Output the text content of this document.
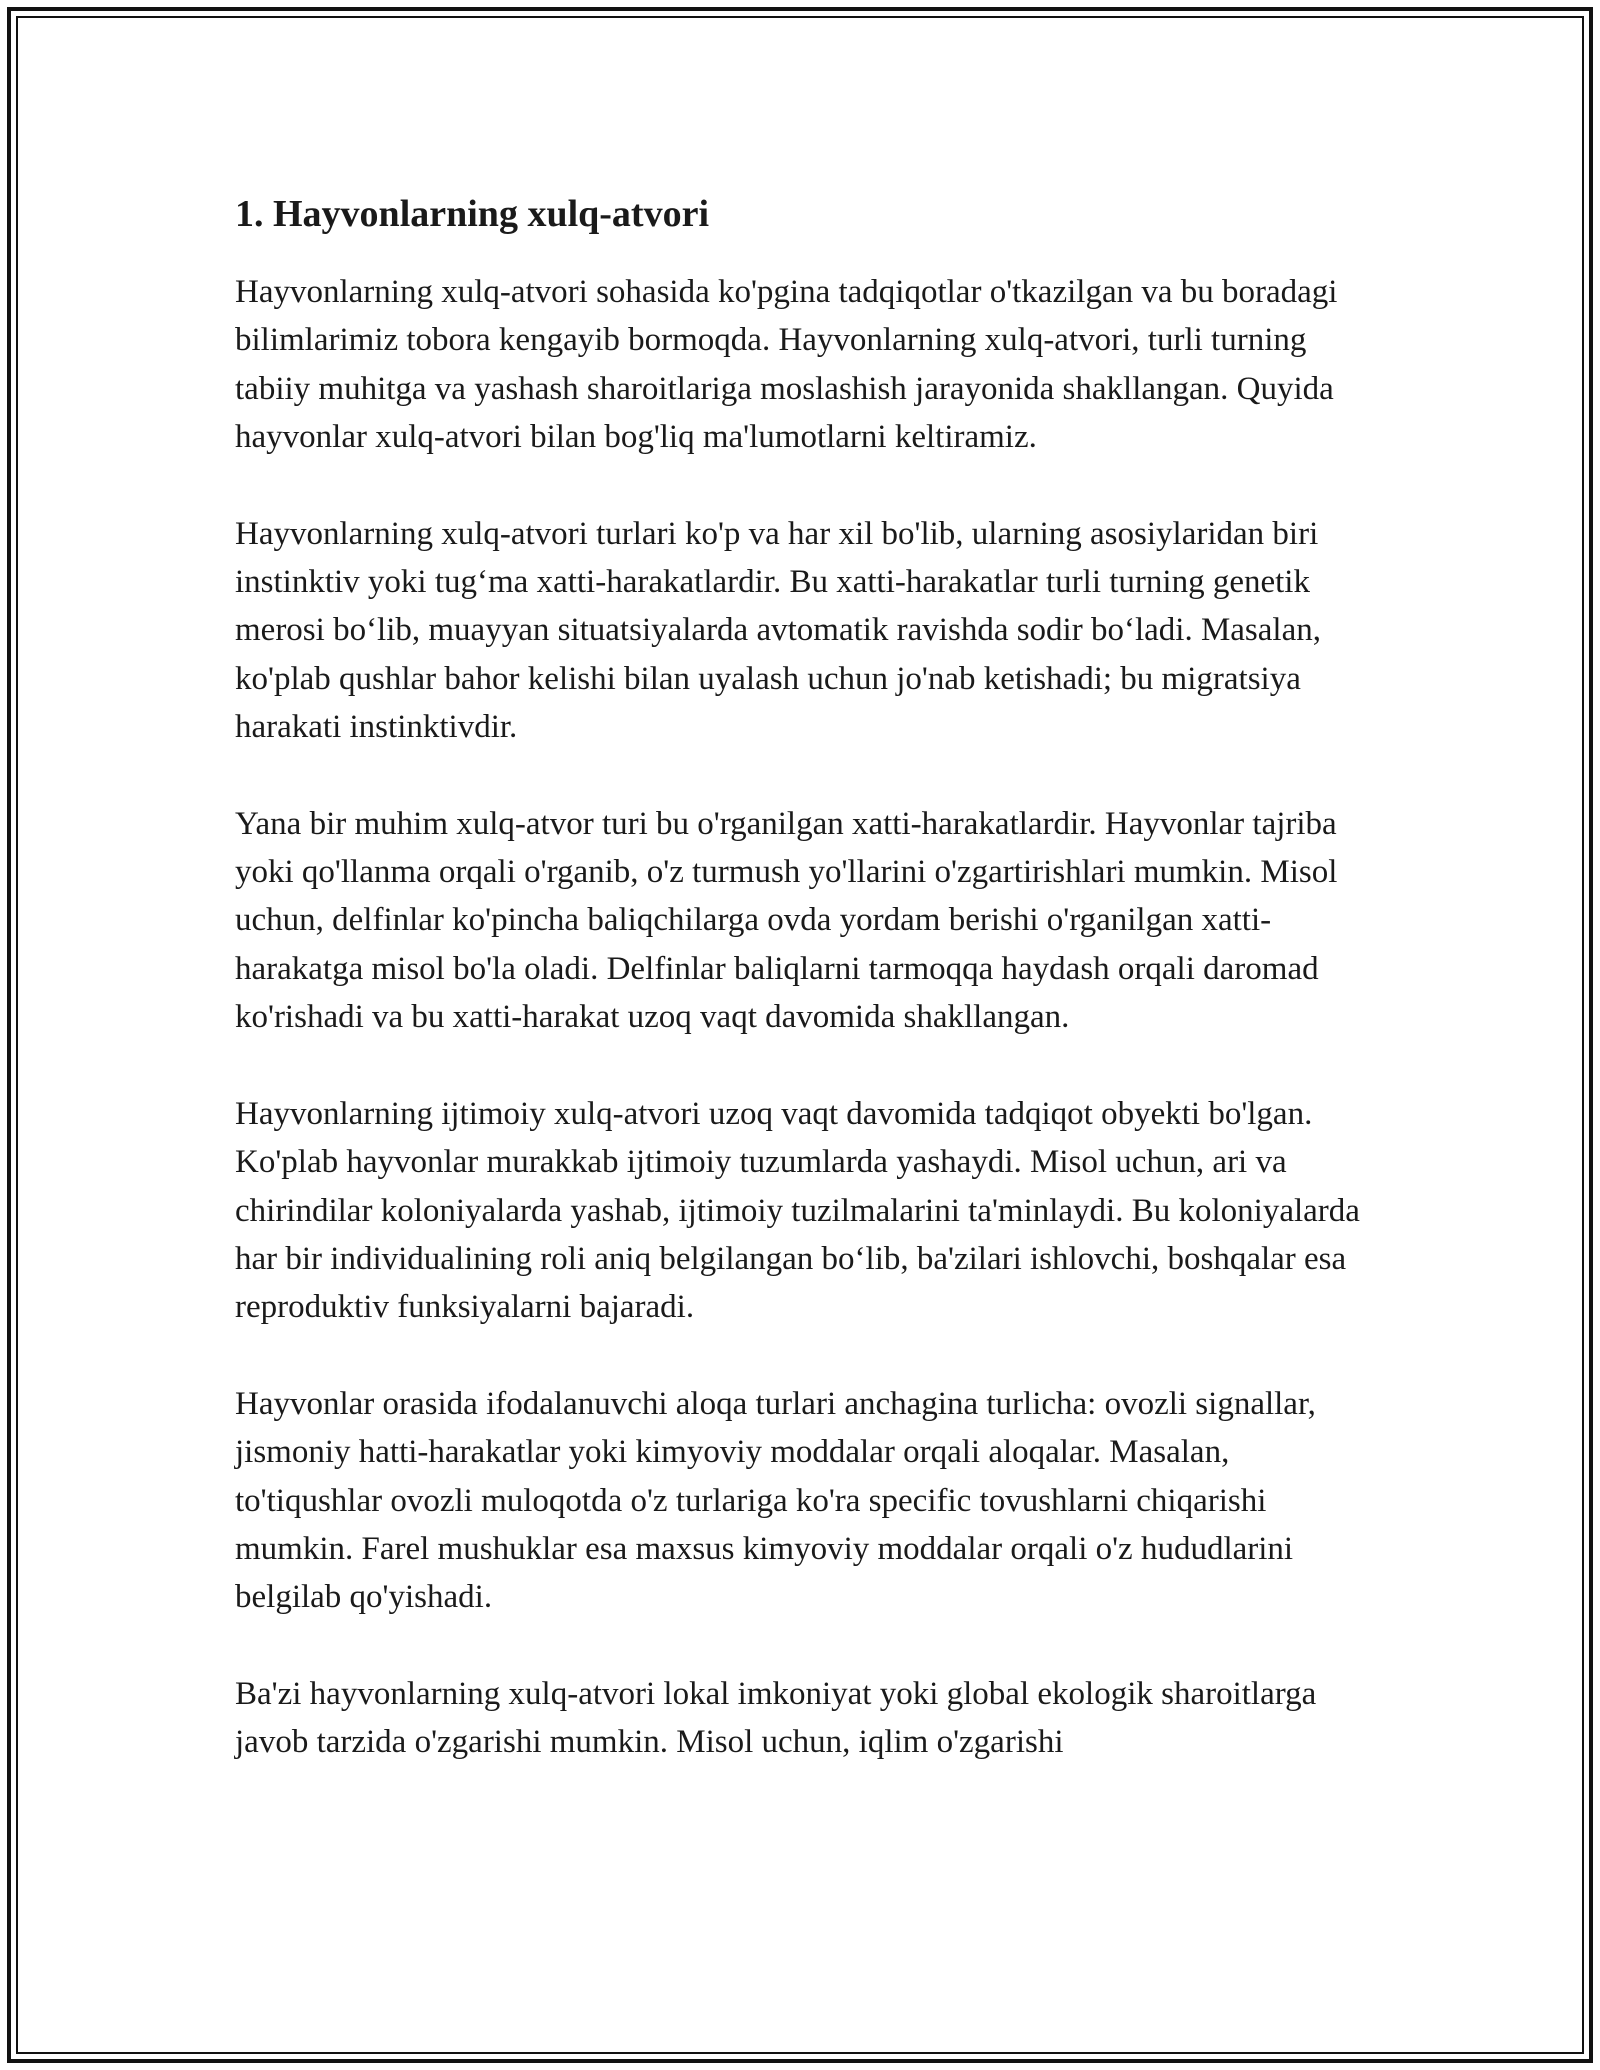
1. Hayvonlarning xulq-atvori

Hayvonlarning xulq-atvori sohasida ko'pgina tadqiqotlar o'tkazilgan va bu boradagi bilimlarimiz tobora kengayib bormoqda. Hayvonlarning xulq-atvori, turli turning tabiiy muhitga va yashash sharoitlariga moslashish jarayonida shakllangan. Quyida hayvonlar xulq-atvori bilan bog'liq ma'lumotlarni keltiramiz.

Hayvonlarning xulq-atvori turlari ko'p va har xil bo'lib, ularning asosiylaridan biri instinktiv yoki tug‘ma xatti-harakatlardir. Bu xatti-harakatlar turli turning genetik merosi bo‘lib, muayyan situatsiyalarda avtomatik ravishda sodir bo‘ladi. Masalan, ko'plab qushlar bahor kelishi bilan uyalash uchun jo'nab ketishadi; bu migratsiya harakati instinktivdir.

Yana bir muhim xulq-atvor turi bu o'rganilgan xatti-harakatlardir. Hayvonlar tajriba yoki qo'llanma orqali o'rganib, o'z turmush yo'llarini o'zgartirishlari mumkin. Misol uchun, delfinlar ko'pincha baliqchilarga ovda yordam berishi o'rganilgan xatti-harakatga misol bo'la oladi. Delfinlar baliqlarni tarmoqqa haydash orqali daromad ko'rishadi va bu xatti-harakat uzoq vaqt davomida shakllangan.

Hayvonlarning ijtimoiy xulq-atvori uzoq vaqt davomida tadqiqot obyekti bo'lgan. Ko'plab hayvonlar murakkab ijtimoiy tuzumlarda yashaydi. Misol uchun, ari va chirindilar koloniyalarda yashab, ijtimoiy tuzilmalarini ta'minlaydi. Bu koloniyalarda har bir individualining roli aniq belgilangan bo‘lib, ba'zilari ishlovchi, boshqalar esa reproduktiv funksiyalarni bajaradi.

Hayvonlar orasida ifodalanuvchi aloqa turlari anchagina turlicha: ovozli signallar, jismoniy hatti-harakatlar yoki kimyoviy moddalar orqali aloqalar. Masalan, to'tiqushlar ovozli muloqotda o'z turlariga ko'ra specific tovushlarni chiqarishi mumkin. Farel mushuklar esa maxsus kimyoviy moddalar orqali o'z hududlarini belgilab qo'yishadi.

Ba'zi hayvonlarning xulq-atvori lokal imkoniyat yoki global ekologik sharoitlarga javob tarzida o'zgarishi mumkin. Misol uchun, iqlim o'zgarishi
